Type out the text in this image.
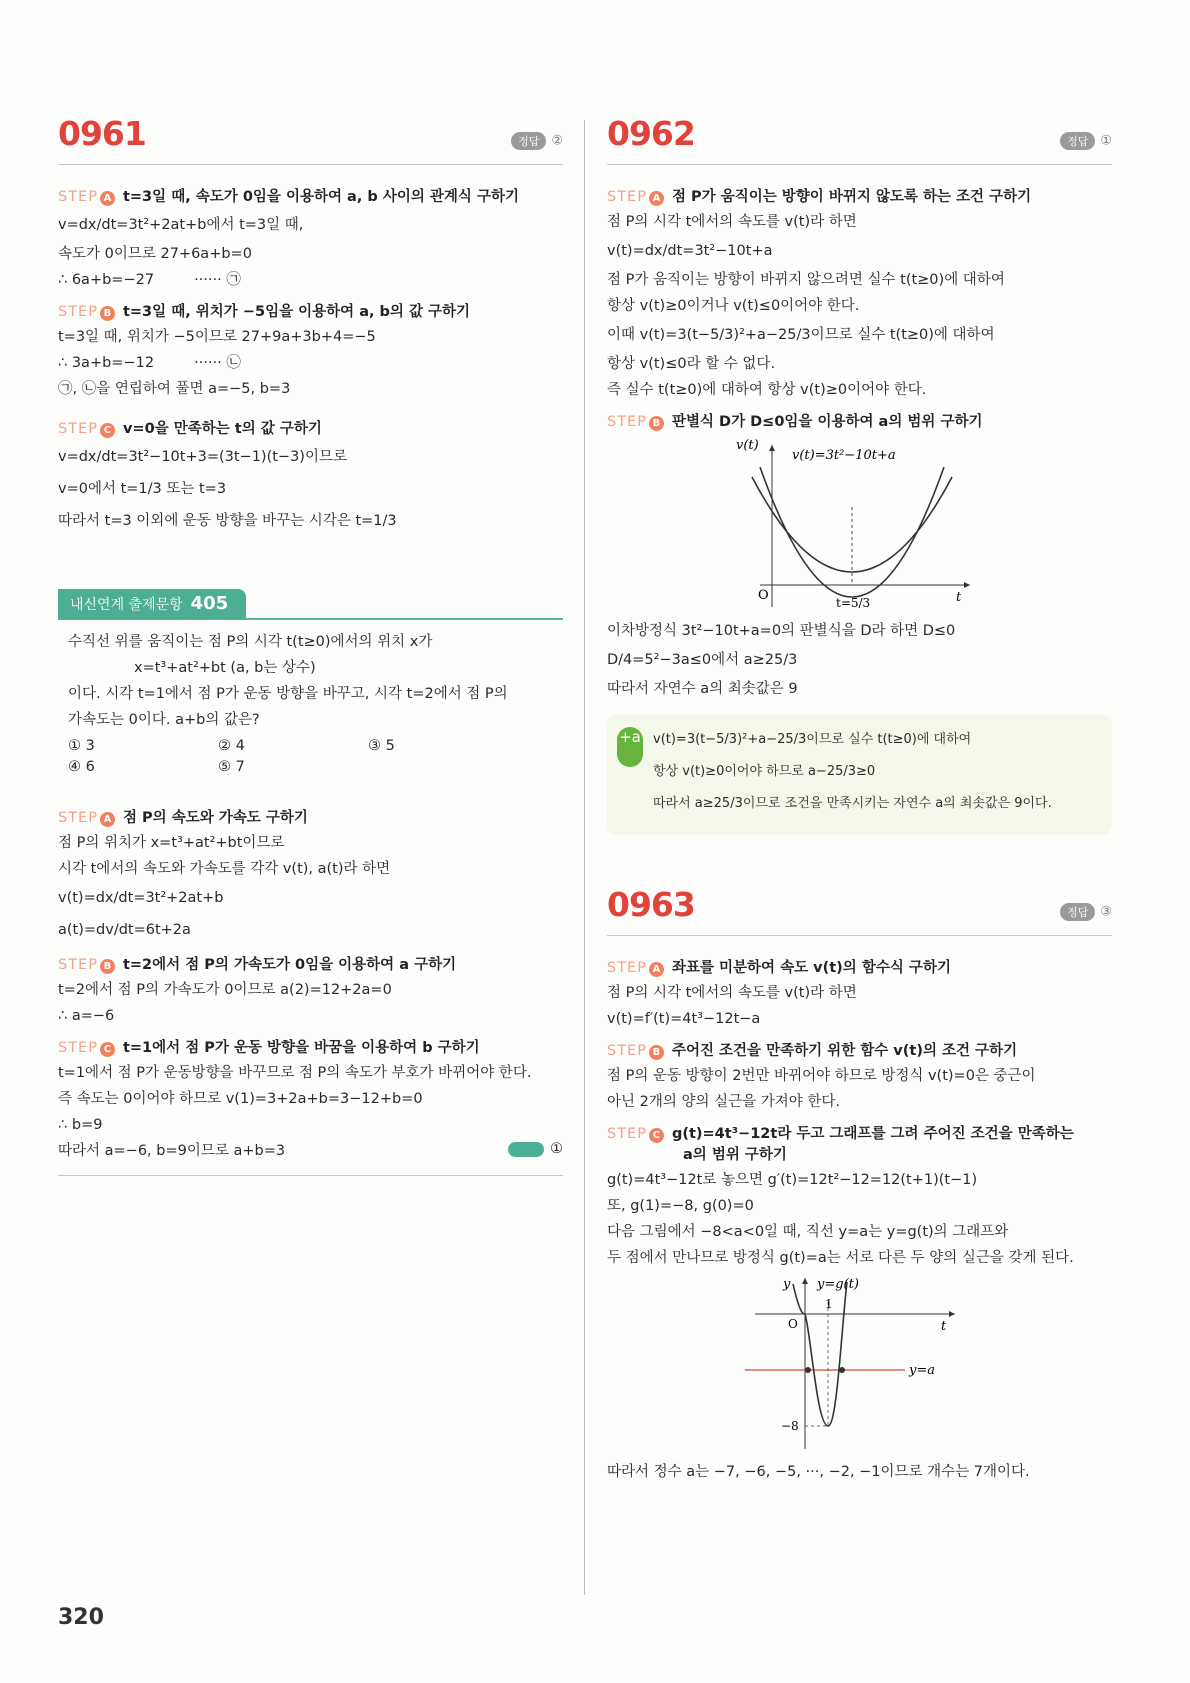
0961	정답 ②
STEP A t=3일 때, 속도가 0임을 이용하여 a, b 사이의 관계식 구하기
v=dx/dt=3t²+2at+b에서 t=3일 때,
속도가 0이므로 27+6a+b=0
∴ 6a+b=−27	······ ㉠
STEP B t=3일 때, 위치가 −5임을 이용하여 a, b의 값 구하기
t=3일 때, 위치가 −5이므로 27+9a+3b+4=−5
∴ 3a+b=−12	······ ㉡
㉠, ㉡을 연립하여 풀면 a=−5, b=3
STEP C v=0을 만족하는 t의 값 구하기
v=dx/dt=3t²−10t+3=(3t−1)(t−3)이므로
v=0에서 t=1/3 또는 t=3
따라서 t=3 이외에 운동 방향을 바꾸는 시각은 t=1/3
내신연계 출제문항 405
수직선 위를 움직이는 점 P의 시각 t(t≥0)에서의 위치 x가
x=t³+at²+bt (a, b는 상수)
이다. 시각 t=1에서 점 P가 운동 방향을 바꾸고, 시각 t=2에서 점 P의
가속도는 0이다. a+b의 값은?
① 3	② 4	③ 5
④ 6	⑤ 7
STEP A 점 P의 속도와 가속도 구하기
점 P의 위치가 x=t³+at²+bt이므로
시각 t에서의 속도와 가속도를 각각 v(t), a(t)라 하면
v(t)=dx/dt=3t²+2at+b
a(t)=dv/dt=6t+2a
STEP B t=2에서 점 P의 가속도가 0임을 이용하여 a 구하기
t=2에서 점 P의 가속도가 0이므로 a(2)=12+2a=0
∴ a=−6
STEP C t=1에서 점 P가 운동 방향을 바꿈을 이용하여 b 구하기
t=1에서 점 P가 운동방향을 바꾸므로 점 P의 속도가 부호가 바뀌어야 한다.
즉 속도는 0이어야 하므로 v(1)=3+2a+b=3−12+b=0
∴ b=9
따라서 a=−6, b=9이므로 a+b=3	①
0962	정답 ①
STEP A 점 P가 움직이는 방향이 바뀌지 않도록 하는 조건 구하기
점 P의 시각 t에서의 속도를 v(t)라 하면
v(t)=dx/dt=3t²−10t+a
점 P가 움직이는 방향이 바뀌지 않으려면 실수 t(t≥0)에 대하여
항상 v(t)≥0이거나 v(t)≤0이어야 한다.
이때 v(t)=3(t−5/3)²+a−25/3이므로 실수 t(t≥0)에 대하여
항상 v(t)≤0라 할 수 없다.
즉 실수 t(t≥0)에 대하여 항상 v(t)≥0이어야 한다.
STEP B 판별식 D가 D≤0임을 이용하여 a의 범위 구하기
v(t)
v(t)=3t²−10t+a
O	t
t=5/3
이차방정식 3t²−10t+a=0의 판별식을 D라 하면 D≤0
D/4=5²−3a≤0에서 a≥25/3
따라서 자연수 a의 최솟값은 9
+a v(t)=3(t−5/3)²+a−25/3이므로 실수 t(t≥0)에 대하여
항상 v(t)≥0이어야 하므로 a−25/3≥0
따라서 a≥25/3이므로 조건을 만족시키는 자연수 a의 최솟값은 9이다.
0963	정답 ③
STEP A 좌표를 미분하여 속도 v(t)의 함수식 구하기
점 P의 시각 t에서의 속도를 v(t)라 하면
v(t)=f′(t)=4t³−12t−a
STEP B 주어진 조건을 만족하기 위한 함수 v(t)의 조건 구하기
점 P의 운동 방향이 2번만 바뀌어야 하므로 방정식 v(t)=0은 중근이
아닌 2개의 양의 실근을 가져야 한다.
STEP C g(t)=4t³−12t라 두고 그래프를 그려 주어진 조건을 만족하는
a의 범위 구하기
g(t)=4t³−12t로 놓으면 g′(t)=12t²−12=12(t+1)(t−1)
또, g(1)=−8, g(0)=0
다음 그림에서 −8<a<0일 때, 직선 y=a는 y=g(t)의 그래프와
두 점에서 만나므로 방정식 g(t)=a는 서로 다른 두 양의 실근을 갖게 된다.
y y=g(t)
O
1
t
−8
y=a
따라서 정수 a는 −7, −6, −5, ···, −2, −1이므로 개수는 7개이다.
320
